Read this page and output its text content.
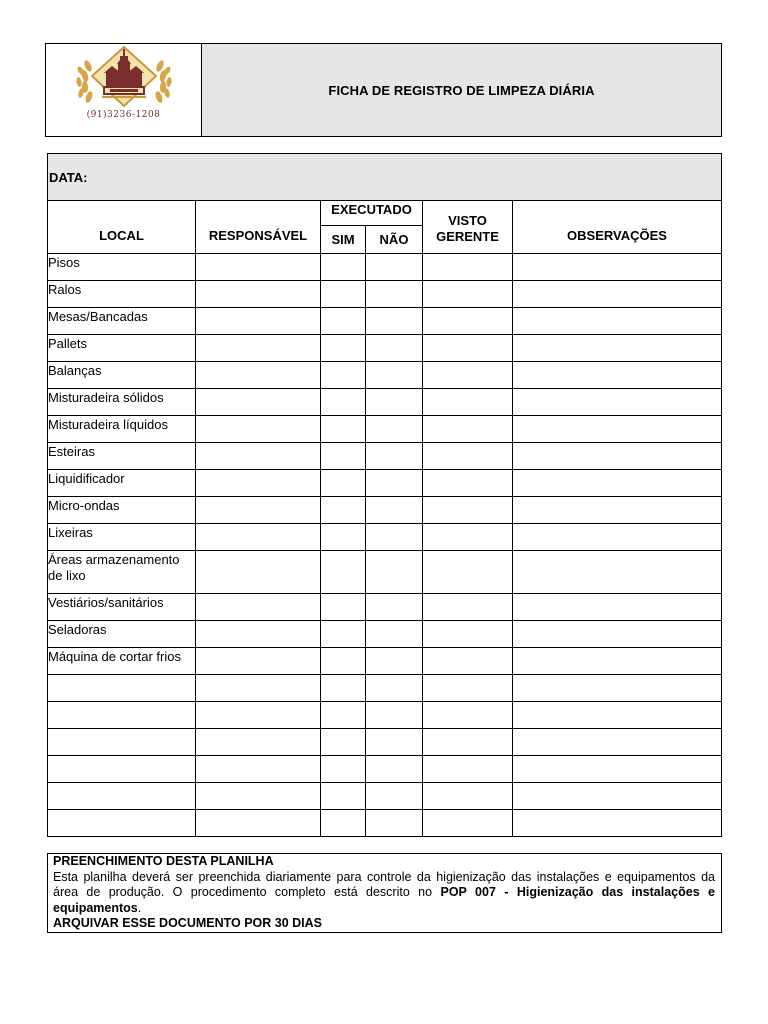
(91)3236-1208
FICHA DE REGISTRO DE LIMPEZA DIÁRIA
DATA:
LOCAL	RESPONSÁVEL	EXECUTADO		VISTO GERENTE	OBSERVAÇÕES
		SIM	NÃO		
Pisos					
Ralos					
Mesas/Bancadas					
Pallets					
Balanças					
Misturadeira sólidos					
Misturadeira líquidos					
Esteiras					
Liquidificador					
Micro-ondas					
Lixeiras					
Áreas armazenamento de lixo					
Vestiários/sanitários					
Seladoras					
Máquina de cortar frios					

PREENCHIMENTO DESTA PLANILHA
Esta planilha deverá ser preenchida diariamente para controle da higienização das instalações e equipamentos da área de produção. O procedimento completo está descrito no POP 007 - Higienização das instalações e equipamentos.
ARQUIVAR ESSE DOCUMENTO POR 30 DIAS
